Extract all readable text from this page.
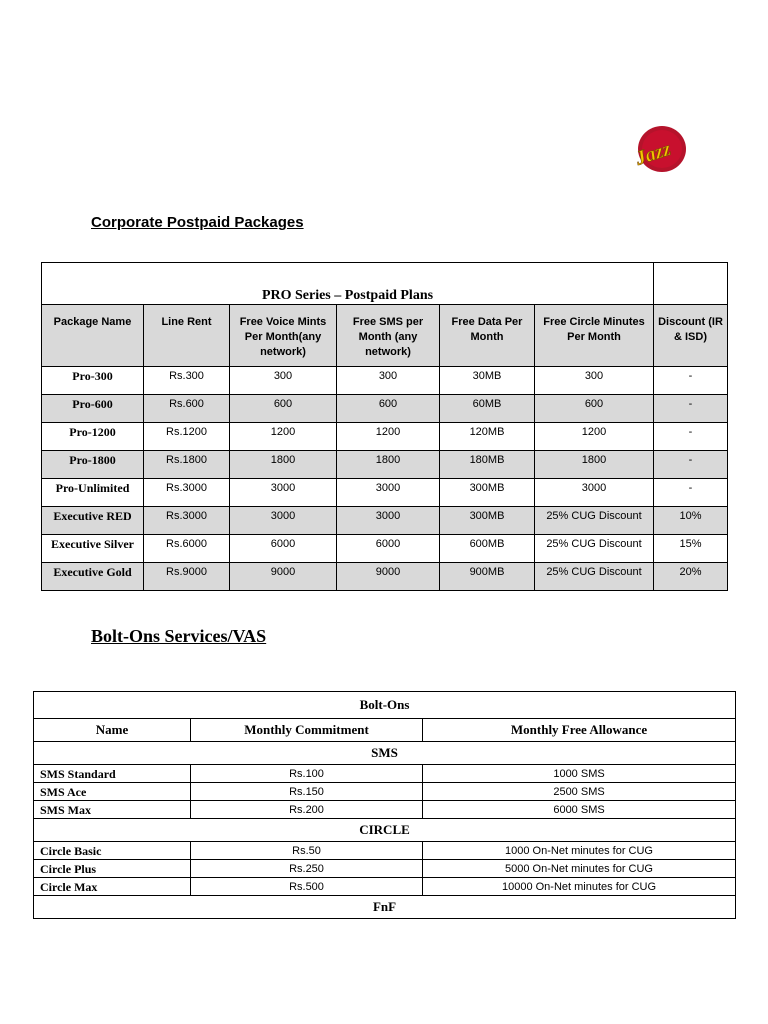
Jazz
Corporate Postpaid Packages
PRO Series – Postpaid Plans						
Package Name	Line Rent	Free Voice Mints Per Month(any network)	Free SMS per Month (any network)	Free Data Per Month	Free Circle Minutes Per Month	Discount (IR & ISD)
Pro-300	Rs.300	300	300	30MB	300	-
Pro-600	Rs.600	600	600	60MB	600	-
Pro-1200	Rs.1200	1200	1200	120MB	1200	-
Pro-1800	Rs.1800	1800	1800	180MB	1800	-
Pro-Unlimited	Rs.3000	3000	3000	300MB	3000	-
Executive RED	Rs.3000	3000	3000	300MB	25% CUG Discount	10%
Executive Silver	Rs.6000	6000	6000	600MB	25% CUG Discount	15%
Executive Gold	Rs.9000	9000	9000	900MB	25% CUG Discount	20%
Bolt-Ons Services/VAS
Bolt-Ons		
Name	Monthly Commitment	Monthly Free Allowance
SMS		
SMS Standard	Rs.100	1000 SMS
SMS Ace	Rs.150	2500 SMS
SMS Max	Rs.200	6000 SMS
CIRCLE		
Circle Basic	Rs.50	1000 On-Net minutes for CUG
Circle Plus	Rs.250	5000 On-Net minutes for CUG
Circle Max	Rs.500	10000 On-Net minutes for CUG
FnF		
